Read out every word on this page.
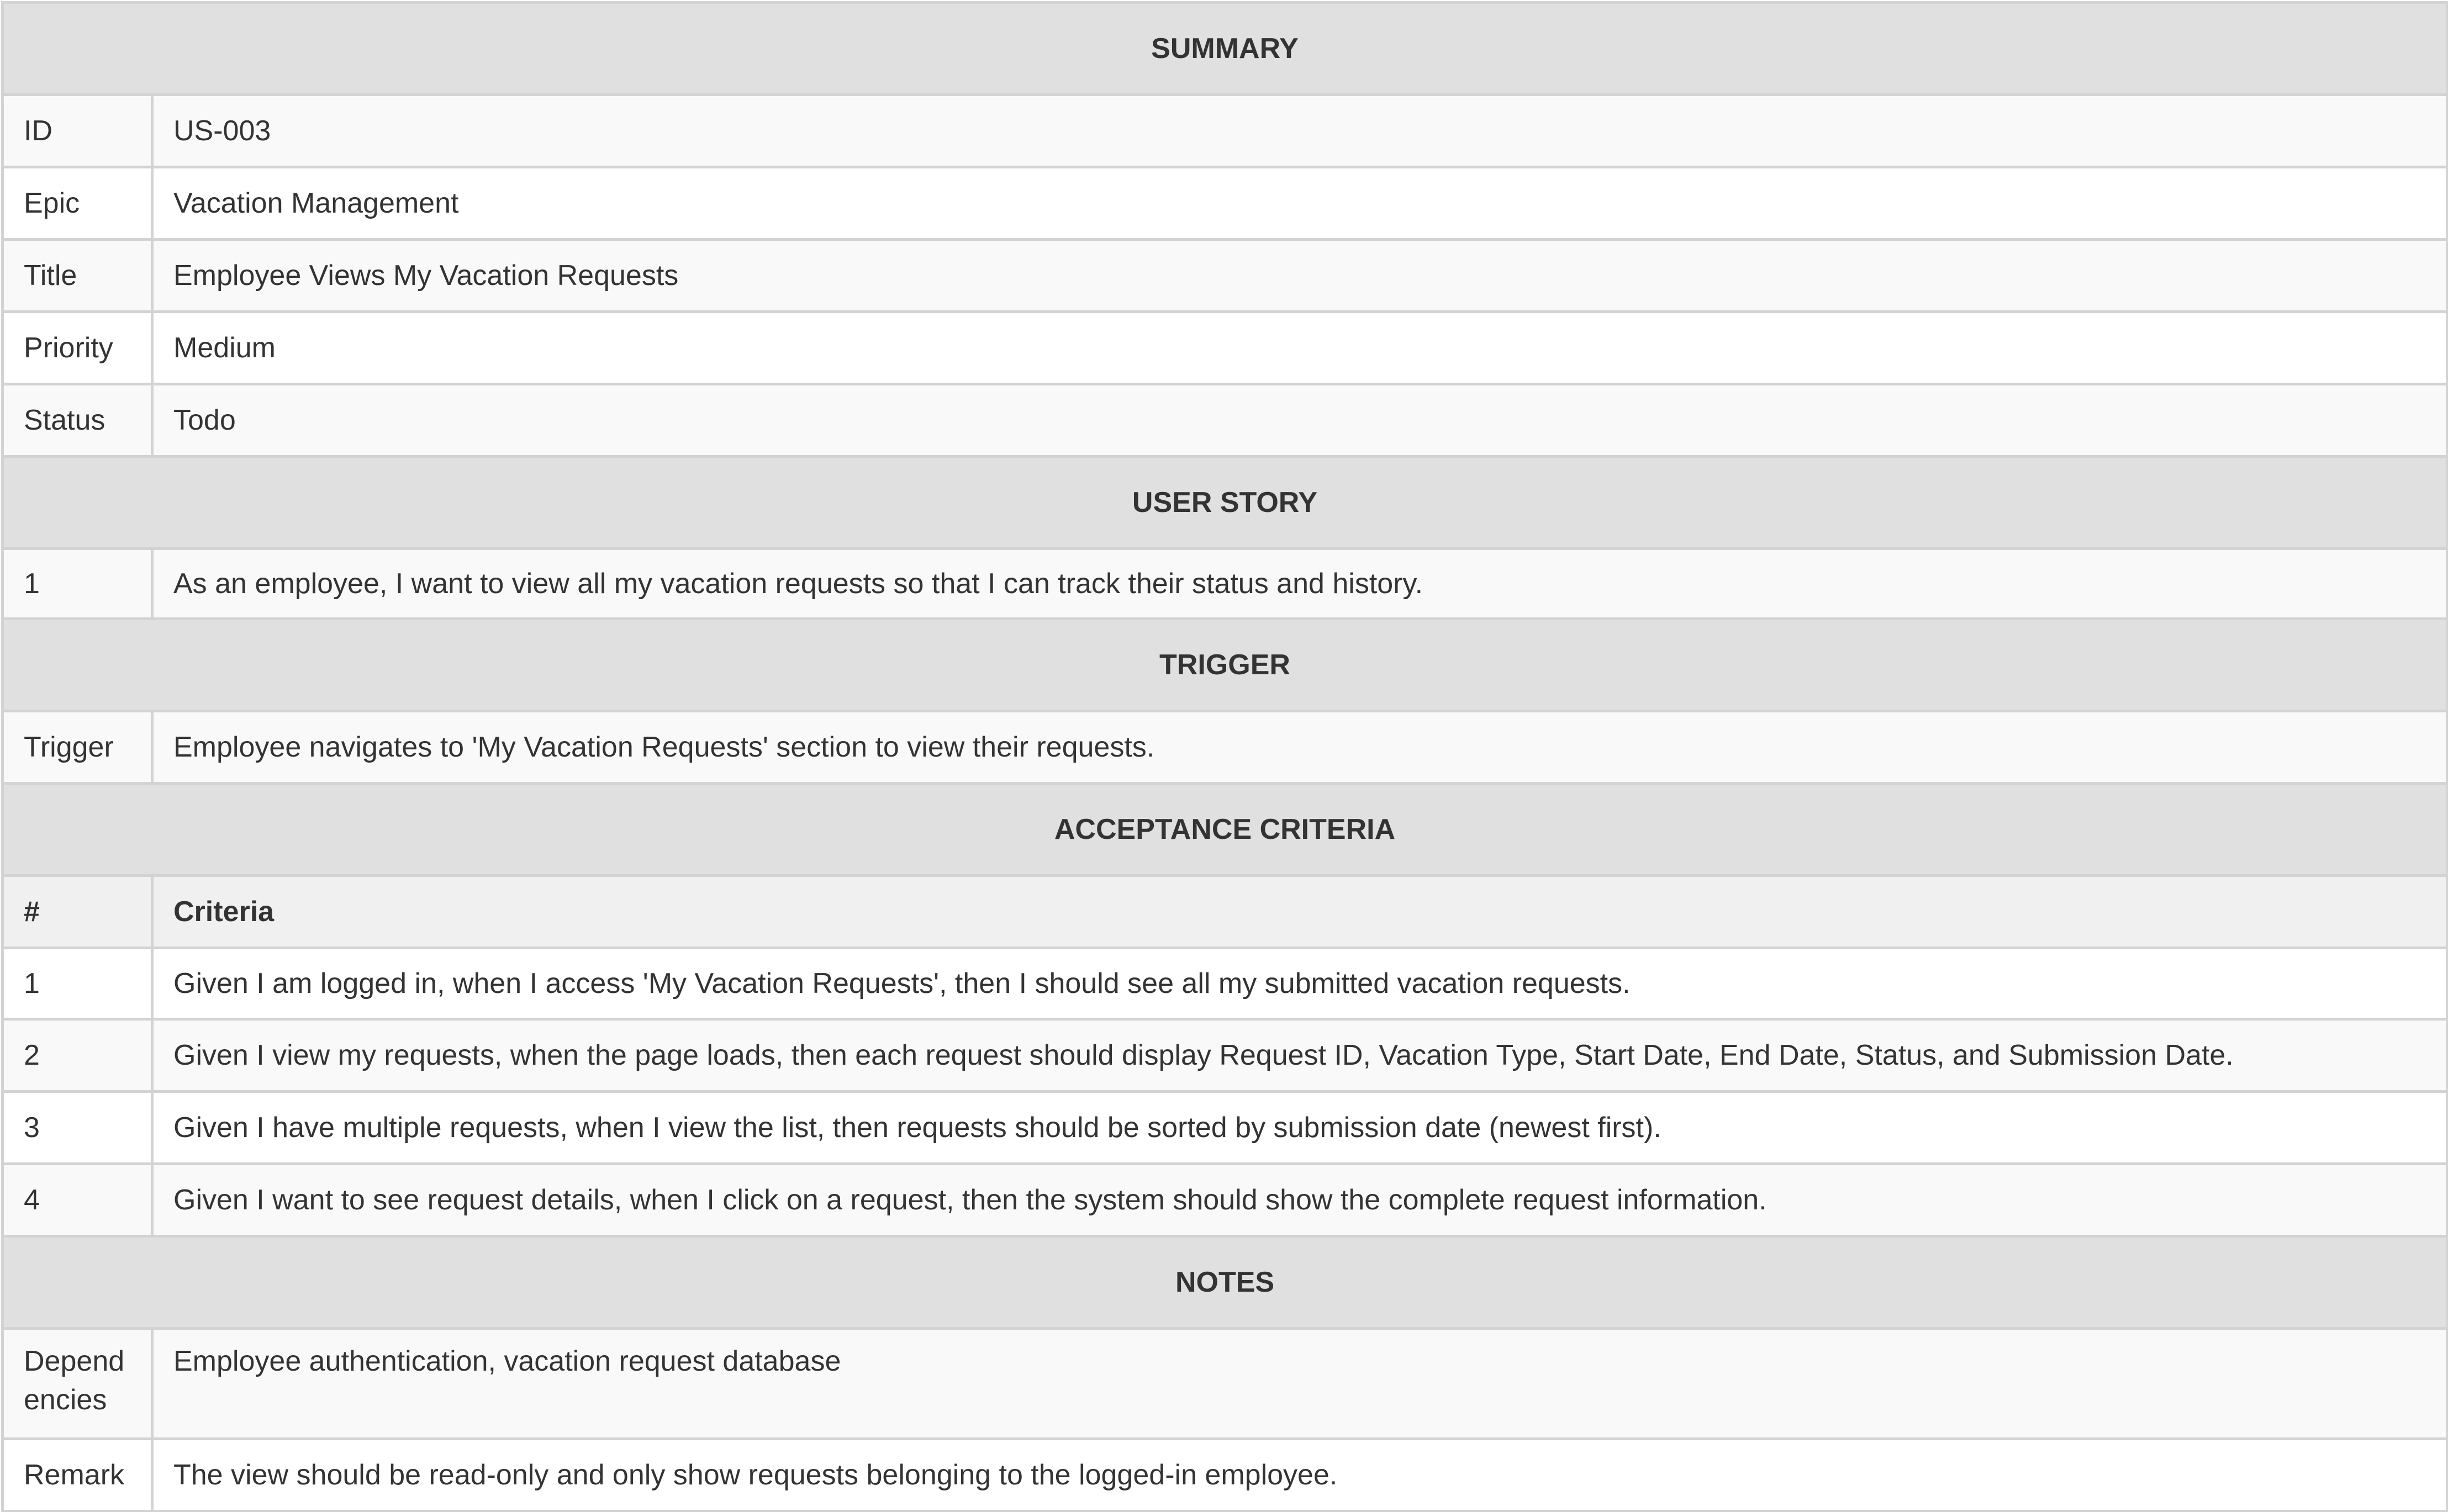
SUMMARY	
ID	US-003
Epic	Vacation Management
Title	Employee Views My Vacation Requests
Priority	Medium
Status	Todo
USER STORY	
1	As an employee, I want to view all my vacation requests so that I can track their status and history.
TRIGGER	
Trigger	Employee navigates to 'My Vacation Requests' section to view their requests.
ACCEPTANCE CRITERIA	
#	Criteria
1	Given I am logged in, when I access 'My Vacation Requests', then I should see all my submitted vacation requests.
2	Given I view my requests, when the page loads, then each request should display Request ID, Vacation Type, Start Date, End Date, Status, and Submission Date.
3	Given I have multiple requests, when I view the list, then requests should be sorted by submission date (newest first).
4	Given I want to see request details, when I click on a request, then the system should show the complete request information.
NOTES	
Dependencies	Employee authentication, vacation request database
Remark	The view should be read-only and only show requests belonging to the logged-in employee.
